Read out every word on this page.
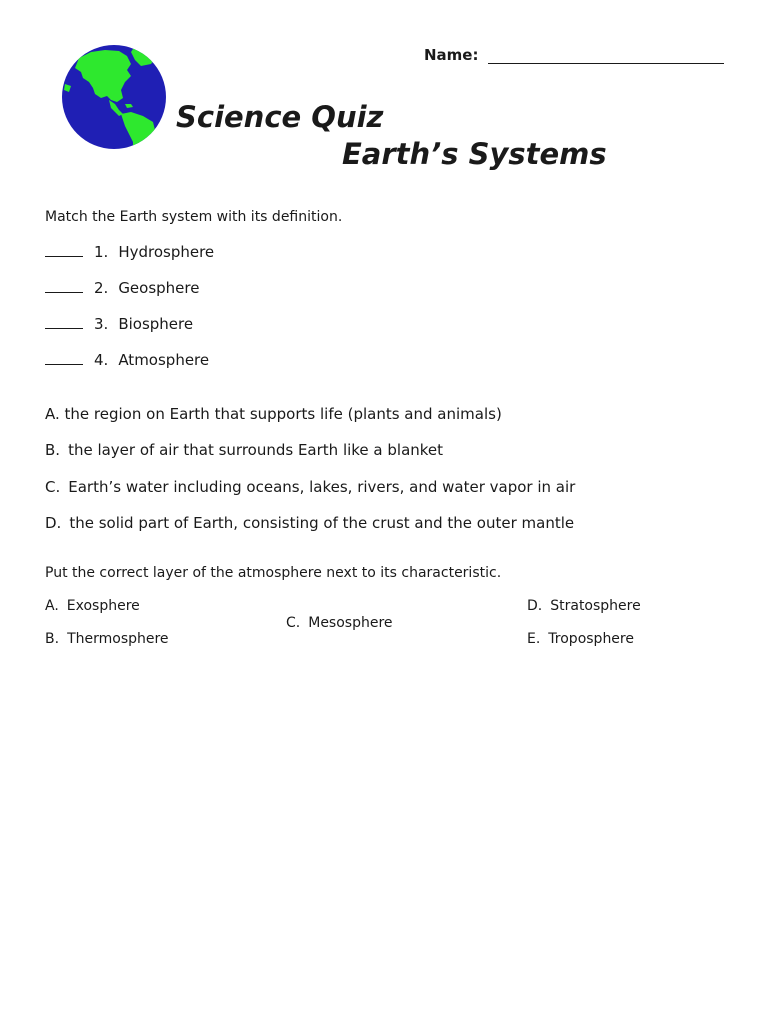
Name:
Science Quiz
Earth’s Systems
Match the Earth system with its definition.
1. Hydrosphere
2. Geosphere
3. Biosphere
4. Atmosphere
A. the region on Earth that supports life (plants and animals)
B. the layer of air that surrounds Earth like a blanket
C. Earth’s water including oceans, lakes, rivers, and water vapor in air
D. the solid part of Earth, consisting of the crust and the outer mantle
Put the correct layer of the atmosphere next to its characteristic.
A. Exosphere
B. Thermosphere
C. Mesosphere
D. Stratosphere
E. Troposphere
